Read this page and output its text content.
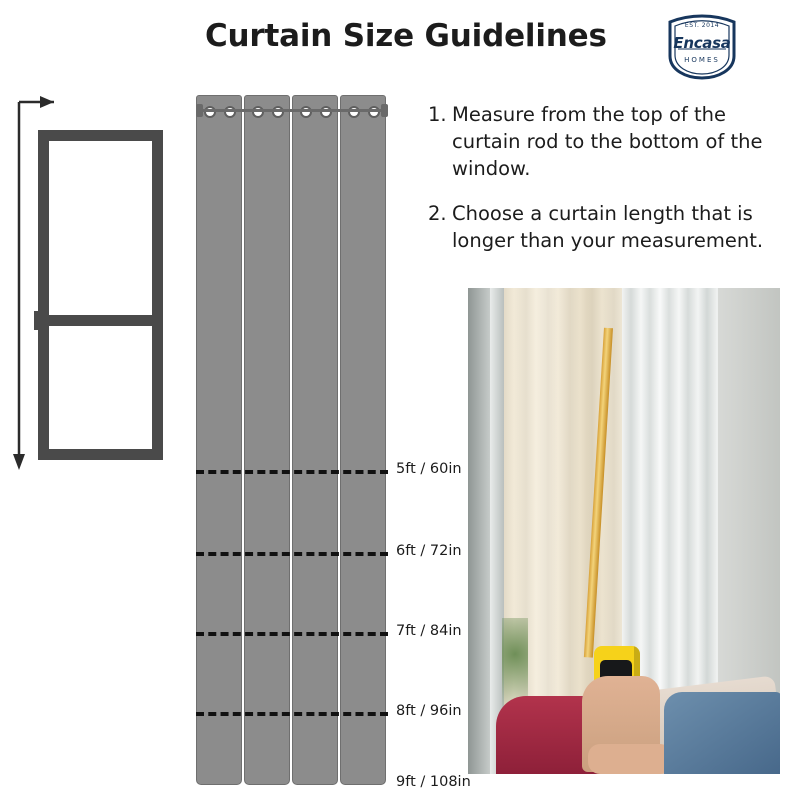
Curtain Size Guidelines	EST. 2014
Encasa
HOMES
5ft / 60in
6ft / 72in
7ft / 84in
8ft / 96in
9ft / 108in
1. Measure from the top of the curtain rod to the bottom of the window.
2. Choose a curtain length that is longer than your measurement.
